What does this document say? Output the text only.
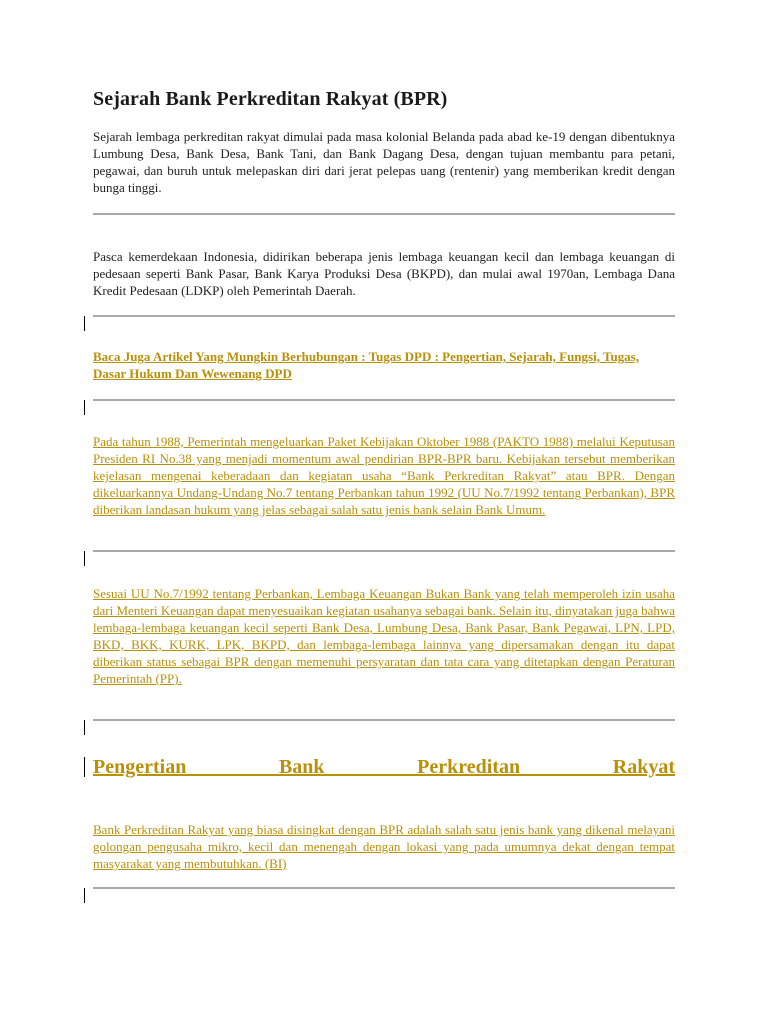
Sejarah Bank Perkreditan Rakyat (BPR)

Sejarah lembaga perkreditan rakyat dimulai pada masa kolonial Belanda pada abad ke-19 dengan dibentuknya Lumbung Desa, Bank Desa, Bank Tani, dan Bank Dagang Desa, dengan tujuan membantu para petani, pegawai, dan buruh untuk melepaskan diri dari jerat pelepas uang (rentenir) yang memberikan kredit dengan bunga tinggi.

Pasca kemerdekaan Indonesia, didirikan beberapa jenis lembaga keuangan kecil dan lembaga keuangan di pedesaan seperti Bank Pasar, Bank Karya Produksi Desa (BKPD), dan mulai awal 1970an, Lembaga Dana Kredit Pedesaan (LDKP) oleh Pemerintah Daerah.

Baca Juga Artikel Yang Mungkin Berhubungan : Tugas DPD : Pengertian, Sejarah, Fungsi, Tugas, Dasar Hukum Dan Wewenang DPD
Pada tahun 1988, Pemerintah mengeluarkan Paket Kebijakan Oktober 1988 (PAKTO 1988) melalui Keputusan Presiden RI No.38 yang menjadi momentum awal pendirian BPR-BPR baru. Kebijakan tersebut memberikan kejelasan mengenai keberadaan dan kegiatan usaha “Bank Perkreditan Rakyat” atau BPR. Dengan dikeluarkannya Undang-Undang No.7 tentang Perbankan tahun 1992 (UU No.7/1992 tentang Perbankan), BPR diberikan landasan hukum yang jelas sebagai salah satu jenis bank selain Bank Umum.
Sesuai UU No.7/1992 tentang Perbankan, Lembaga Keuangan Bukan Bank yang telah memperoleh izin usaha dari Menteri Keuangan dapat menyesuaikan kegiatan usahanya sebagai bank. Selain itu, dinyatakan juga bahwa lembaga-lembaga keuangan kecil seperti Bank Desa, Lumbung Desa, Bank Pasar, Bank Pegawai, LPN, LPD, BKD, BKK, KURK, LPK, BKPD, dan lembaga-lembaga lainnya yang dipersamakan dengan itu dapat diberikan status sebagai BPR dengan memenuhi persyaratan dan tata cara yang ditetapkan dengan Peraturan Pemerintah (PP).
Pengertian Bank Perkreditan Rakyat
Bank Perkreditan Rakyat yang biasa disingkat dengan BPR adalah salah satu jenis bank yang dikenal melayani golongan pengusaha mikro, kecil dan menengah dengan lokasi yang pada umumnya dekat dengan tempat masyarakat yang membutuhkan. (BI)
